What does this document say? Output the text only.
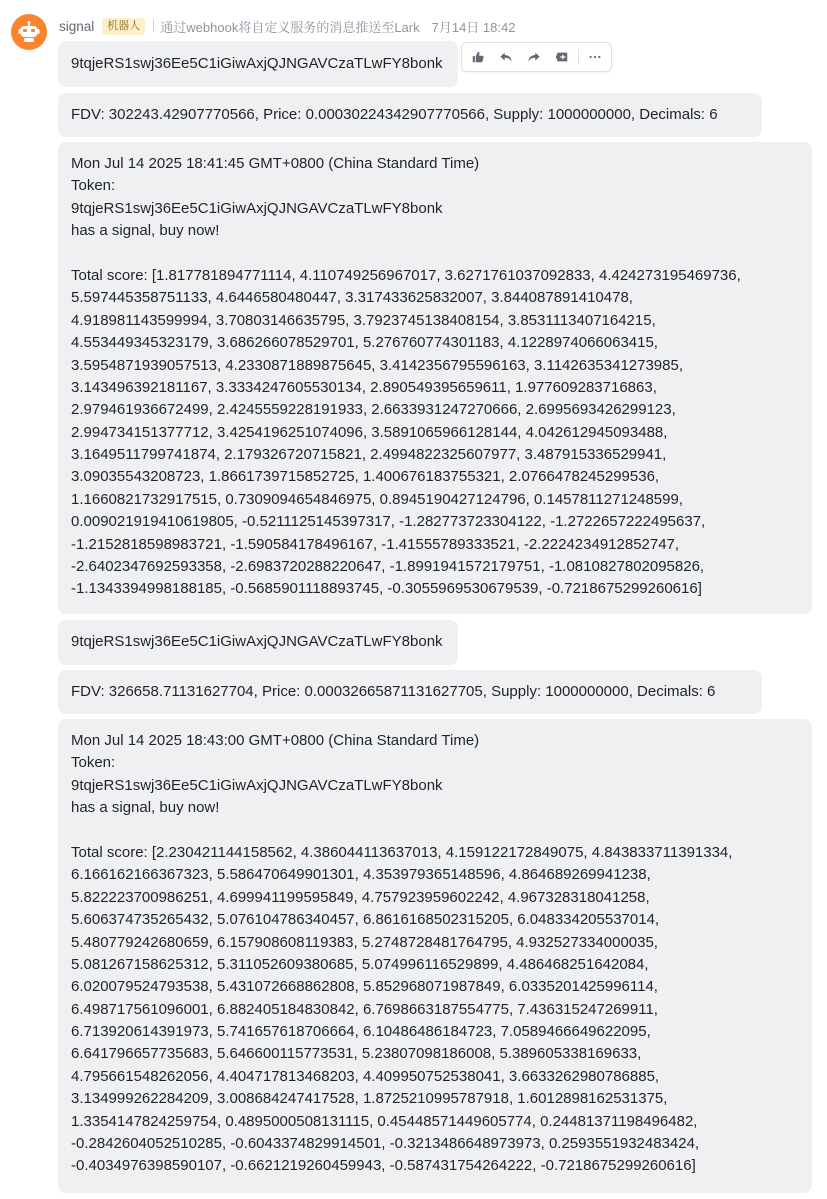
signal	机器人	通过webhook将自定义服务的消息推送至Lark 7月14日 18:42
9tqjeRS1swj36Ee5C1iGiwAxjQJNGAVCzaTLwFY8bonk
FDV: 302243.42907770566, Price: 0.00030224342907770566, Supply: 1000000000, Decimals: 6
Mon Jul 14 2025 18:41:45 GMT+0800 (China Standard Time)
Token:
9tqjeRS1swj36Ee5C1iGiwAxjQJNGAVCzaTLwFY8bonk
has a signal, buy now!
Total score: [1.817781894771114, 4.110749256967017, 3.6271761037092833, 4.424273195469736,
5.597445358751133, 4.6446580480447, 3.317433625832007, 3.844087891410478,
4.918981143599994, 3.70803146635795, 3.7923745138408154, 3.8531113407164215,
4.553449345323179, 3.686266078529701, 5.276760774301183, 4.1228974066063415,
3.5954871939057513, 4.2330871889875645, 3.4142356795596163, 3.1142635341273985,
3.143496392181167, 3.3334247605530134, 2.890549395659611, 1.977609283716863,
2.979461936672499, 2.4245559228191933, 2.6633931247270666, 2.6995693426299123,
2.994734151377712, 3.4254196251074096, 3.5891065966128144, 4.042612945093488,
3.1649511799741874, 2.179326720715821, 2.4994822325607977, 3.487915336529941,
3.09035543208723, 1.8661739715852725, 1.400676183755321, 2.0766478245299536,
1.1660821732917515, 0.7309094654846975, 0.8945190427124796, 0.1457811271248599,
0.009021919410619805, -0.5211125145397317, -1.282773723304122, -1.2722657222495637,
-1.2152818598983721, -1.590584178496167, -1.41555789333521, -2.2224234912852747,
-2.6402347692593358, -2.6983720288220647, -1.8991941572179751, -1.0810827802095826,
-1.1343394998188185, -0.5685901118893745, -0.3055969530679539, -0.7218675299260616]
9tqjeRS1swj36Ee5C1iGiwAxjQJNGAVCzaTLwFY8bonk
FDV: 326658.71131627704, Price: 0.00032665871131627705, Supply: 1000000000, Decimals: 6
Mon Jul 14 2025 18:43:00 GMT+0800 (China Standard Time)
Token:
9tqjeRS1swj36Ee5C1iGiwAxjQJNGAVCzaTLwFY8bonk
has a signal, buy now!
Total score: [2.230421144158562, 4.386044113637013, 4.159122172849075, 4.843833711391334,
6.166162166367323, 5.586470649901301, 4.353979365148596, 4.864689269941238,
5.822223700986251, 4.699941199595849, 4.757923959602242, 4.967328318041258,
5.606374735265432, 5.076104786340457, 6.8616168502315205, 6.048334205537014,
5.480779242680659, 6.157908608119383, 5.2748728481764795, 4.932527334000035,
5.081267158625312, 5.311052609380685, 5.074996116529899, 4.486468251642084,
6.020079524793538, 5.431072668862808, 5.852968071987849, 6.0335201425996114,
6.498717561096001, 6.882405184830842, 6.7698663187554775, 7.436315247269911,
6.713920614391973, 5.741657618706664, 6.10486486184723, 7.0589466649622095,
6.641796657735683, 5.646600115773531, 5.23807098186008, 5.389605338169633,
4.795661548262056, 4.404717813468203, 4.409950752538041, 3.6633262980786885,
3.134999262284209, 3.008684247417528, 1.8725210995787918, 1.6012898162531375,
1.3354147824259754, 0.4895000508131115, 0.45448571449605774, 0.24481371198496482,
-0.2842604052510285, -0.6043374829914501, -0.3213486648973973, 0.2593551932483424,
-0.4034976398590107, -0.6621219260459943, -0.587431754264222, -0.7218675299260616]
